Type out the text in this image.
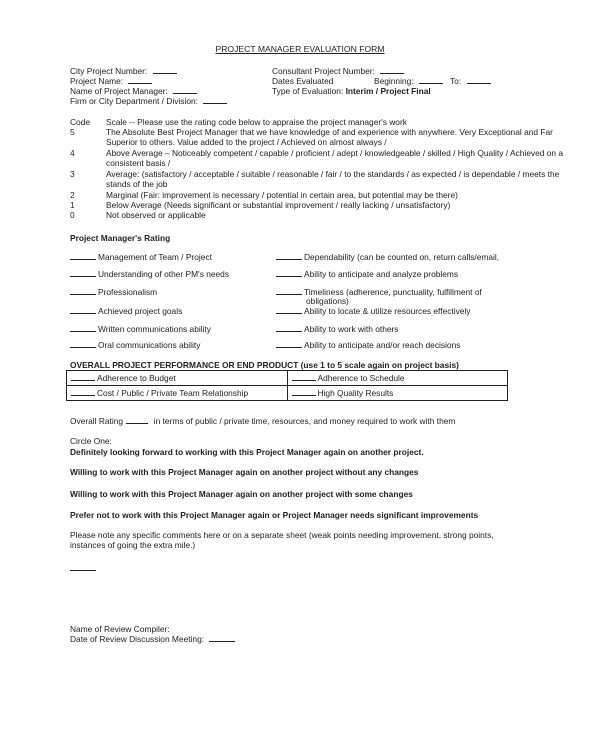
PROJECT MANAGER EVALUATION FORM
City Project Number:
Project Name:
Name of Project Manager:
Firm or City Department / Division:
Consultant Project Number:
Dates Evaluated	Beginning:	To:
Type of Evaluation: Interim / Project Final
Code Scale -- Please use the rating code below to appraise the project manager's work
5	The Absolute Best Project Manager that we have knowledge of and experience with anywhere. Very Exceptional and Far Superior to others. Value added to the project / Achieved on almost always /
4	Above Average – Noticeably competent / capable / proficient / adept / knowledgeable / skilled / High Quality / Achieved on a consistent basis /
3	Average: (satisfactory / acceptable / suitable / reasonable / fair / to the standards / as expected / is dependable / meets the stands of the job
2	Marginal (Fair: improvement is necessary / potential in certain area, but potential may be there)
1	Below Average (Needs significant or substantial improvement / really lacking / unsatisfactory)
0	Not observed or applicable
Project Manager's Rating
Management of Team / Project
Understanding of other PM's needs
Professionalism
Achieved project goals
Written communications ability
Oral communications ability
Dependability (can be counted on, return calls/email,
Ability to anticipate and analyze problems
Timeliness (adherence, punctuality, fulfillment of
obligations)
Ability to locate & utilize resources effectively
Ability to work with others
Ability to anticipate and/or reach decisions
OVERALL PROJECT PERFORMANCE OR END PRODUCT (use 1 to 5 scale again on project basis)
Adherence to Budget	Adherence to Schedule
Cost / Public / Private Team Relationship	High Quality Results
Overall Rating	in terms of public / private time, resources, and money required to work with them
Circle One:
Definitely looking forward to working with this Project Manager again on another project.
Willing to work with this Project Manager again on another project without any changes
Willing to work with this Project Manager again on another project with some changes
Prefer not to work with this Project Manager again or Project Manager needs significant improvements
Please note any specific comments here or on a separate sheet (weak points needing improvement, strong points, instances of going the extra mile.)
Name of Review Compiler:
Date of Review Discussion Meeting:
